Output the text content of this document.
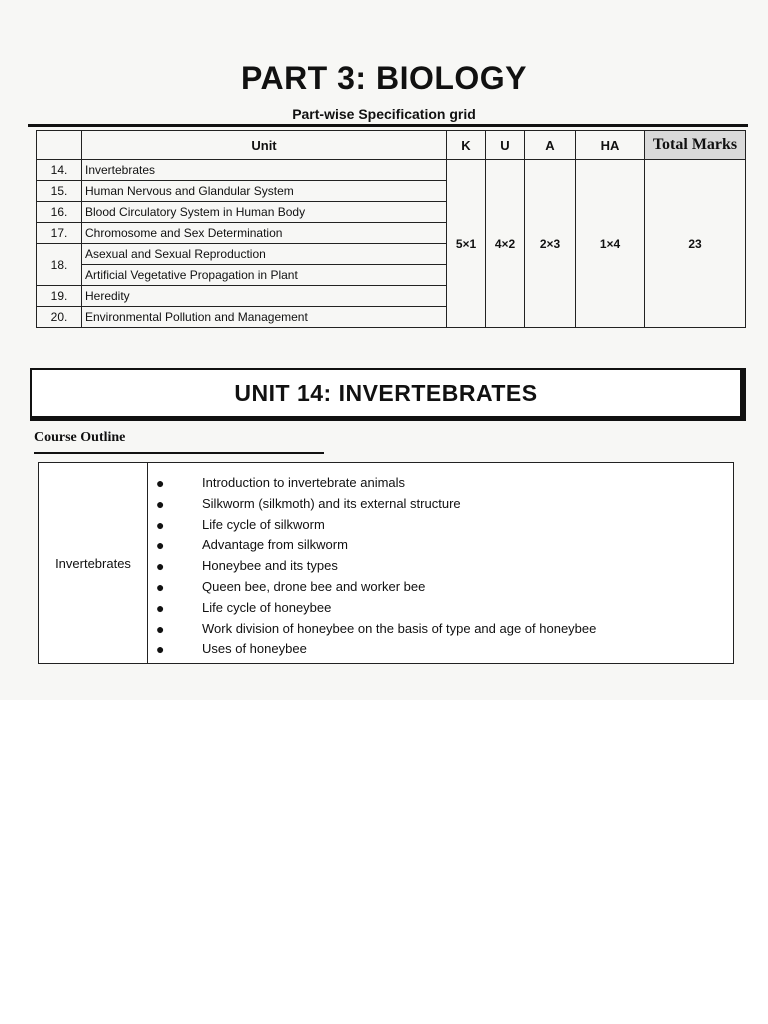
PART 3: BIOLOGY
Part-wise Specification grid
	Unit	K	U	A	HA	Total Marks
14.	Invertebrates	5×1	4×2	2×3	1×4	23
15.	Human Nervous and Glandular System					
16.	Blood Circulatory System in Human Body					
17.	Chromosome and Sex Determination					
18.	Asexual and Sexual Reproduction					
	Artificial Vegetative Propagation in Plant					
19.	Heredity					
20.	Environmental Pollution and Management					
UNIT 14: INVERTEBRATES
Course Outline
Invertebrates
●	Introduction to invertebrate animals
●	Silkworm (silkmoth) and its external structure
●	Life cycle of silkworm
●	Advantage from silkworm
●	Honeybee and its types
●	Queen bee, drone bee and worker bee
●	Life cycle of honeybee
●	Work division of honeybee on the basis of type and age of honeybee
●	Uses of honeybee
